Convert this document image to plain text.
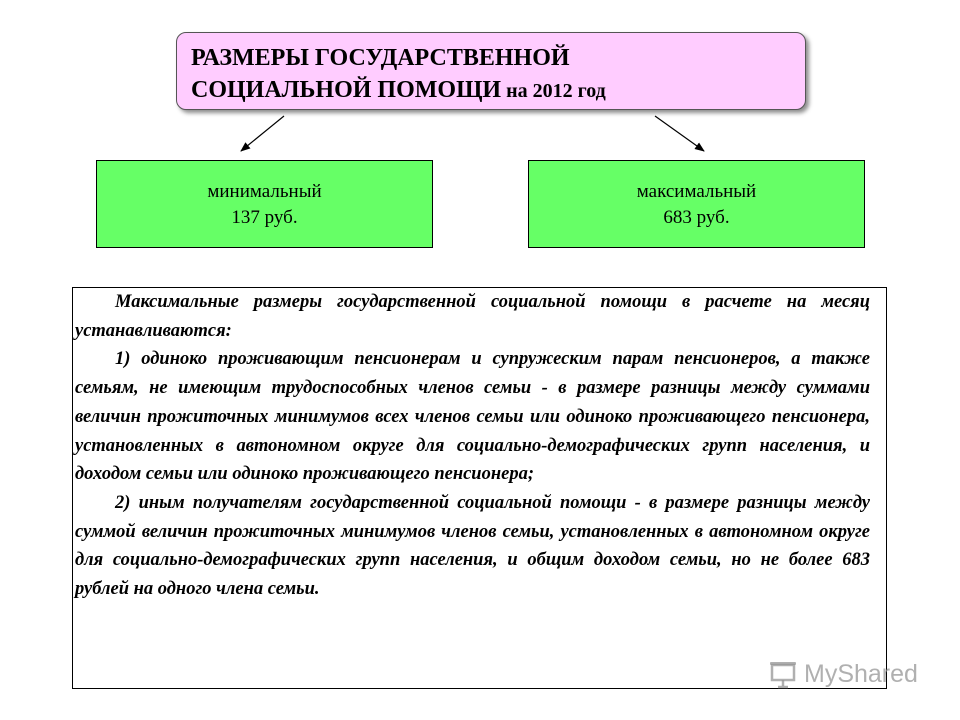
РАЗМЕРЫ ГОСУДАРСТВЕННОЙ
СОЦИАЛЬНОЙ ПОМОЩИ на 2012 год
минимальный
137 руб.
максимальный
683 руб.

Максимальные размеры государственной социальной помощи в расчете на месяц устанавливаются:

1) одиноко проживающим пенсионерам и супружеским парам пенсионеров, а также семьям, не имеющим трудоспособных членов семьи - в размере разницы между суммами величин прожиточных минимумов всех членов семьи или одиноко проживающего пенсионера, установленных в автономном округе для социально-демографических групп населения, и доходом семьи или одиноко проживающего пенсионера;

2) иным получателям государственной социальной помощи - в размере разницы между суммой величин прожиточных минимумов членов семьи, установленных в автономном округе для социально-демографических групп населения, и общим доходом семьи, но не более 683 рублей на одного члена семьи.

MyShared
